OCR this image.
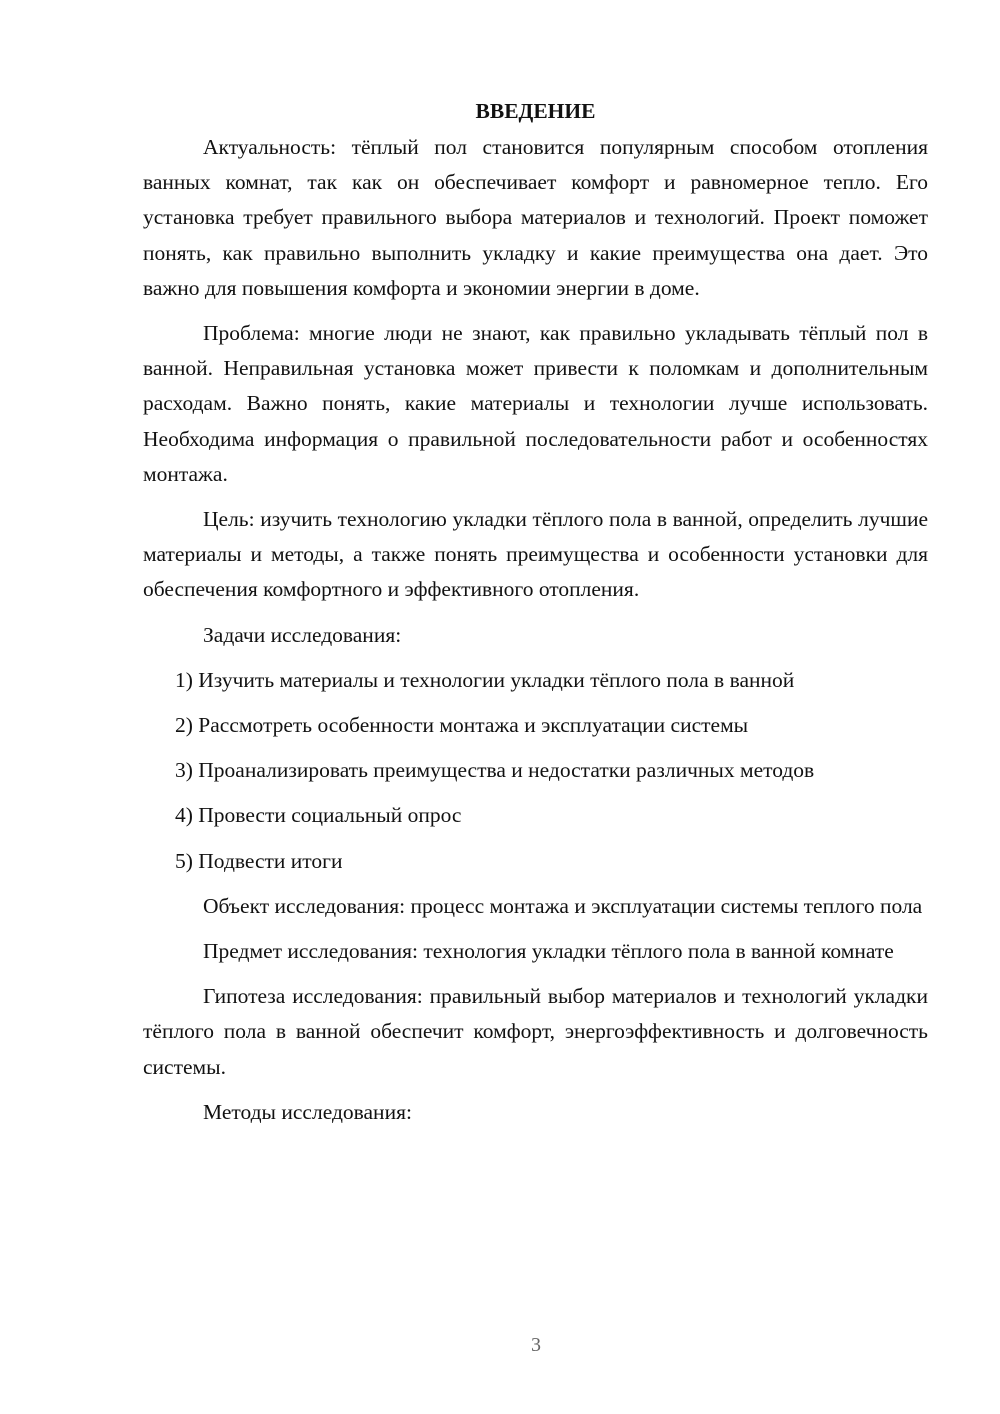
ВВЕДЕНИЕ

Актуальность: тёплый пол становится популярным способом отопления ванных комнат, так как он обеспечивает комфорт и равномерное тепло. Его установка требует правильного выбора материалов и технологий. Проект поможет понять, как правильно выполнить укладку и какие преимущества она дает. Это важно для повышения комфорта и экономии энергии в доме.

Проблема: многие люди не знают, как правильно укладывать тёплый пол в ванной. Неправильная установка может привести к поломкам и дополнительным расходам. Важно понять, какие материалы и технологии лучше использовать. Необходима информация о правильной последовательности работ и особенностях монтажа.

Цель: изучить технологию укладки тёплого пола в ванной, определить лучшие материалы и методы, а также понять преимущества и особенности установки для обеспечения комфортного и эффективного отопления.

Задачи исследования:

1) Изучить материалы и технологии укладки тёплого пола в ванной

2) Рассмотреть особенности монтажа и эксплуатации системы

3) Проанализировать преимущества и недостатки различных методов

4) Провести социальный опрос

5) Подвести итоги

Объект исследования: процесс монтажа и эксплуатации системы теплого пола

Предмет исследования: технология укладки тёплого пола в ванной комнате

Гипотеза исследования: правильный выбор материалов и технологий укладки тёплого пола в ванной обеспечит комфорт, энергоэффективность и долговечность системы.

Методы исследования:

3
